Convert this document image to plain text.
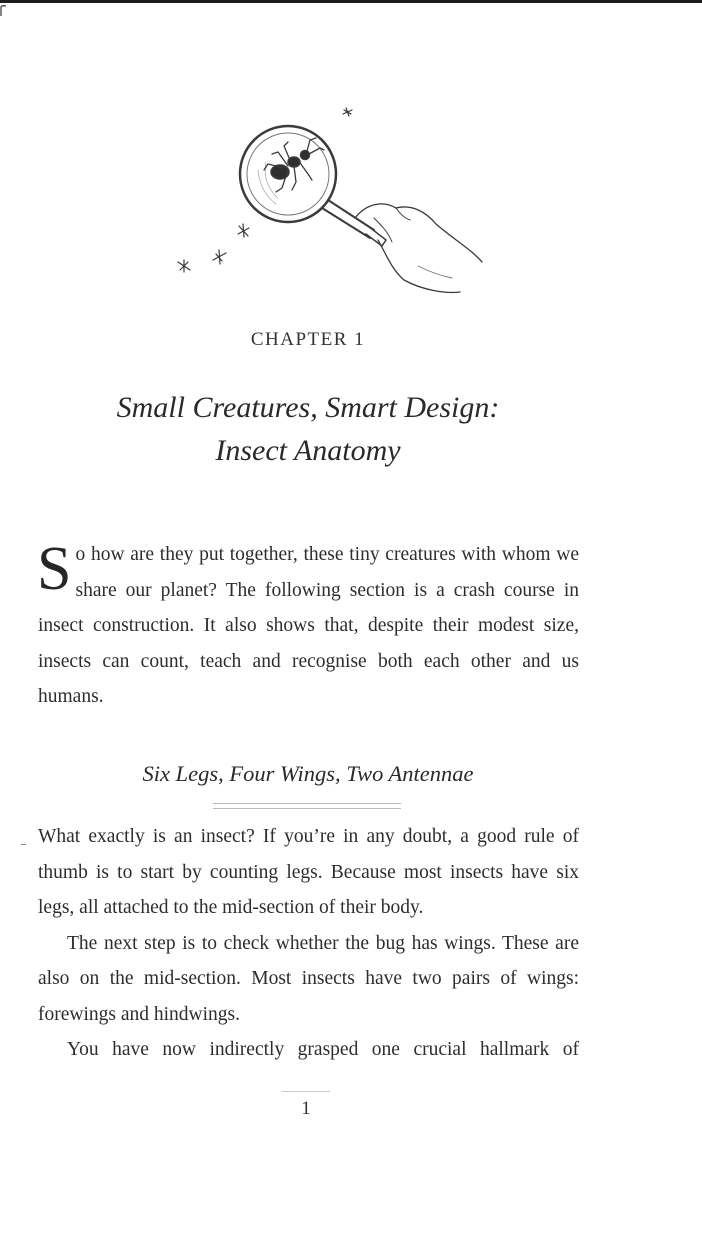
CHAPTER 1
Small Creatures, Smart Design:
Insect Anatomy

So how are they put together, these tiny creatures with whom we share our planet? The following section is a crash course in insect construction. It also shows that, despite their modest size, insects can count, teach and recognise both each other and us humans.

Six Legs, Four Wings, Two Antennae

What exactly is an insect? If you’re in any doubt, a good rule of thumb is to start by counting legs. Because most insects have six legs, all attached to the mid-section of their body.

The next step is to check whether the bug has wings. These are also on the mid-section. Most insects have two pairs of wings: forewings and hindwings.

You have now indirectly grasped one crucial hallmark of

1
